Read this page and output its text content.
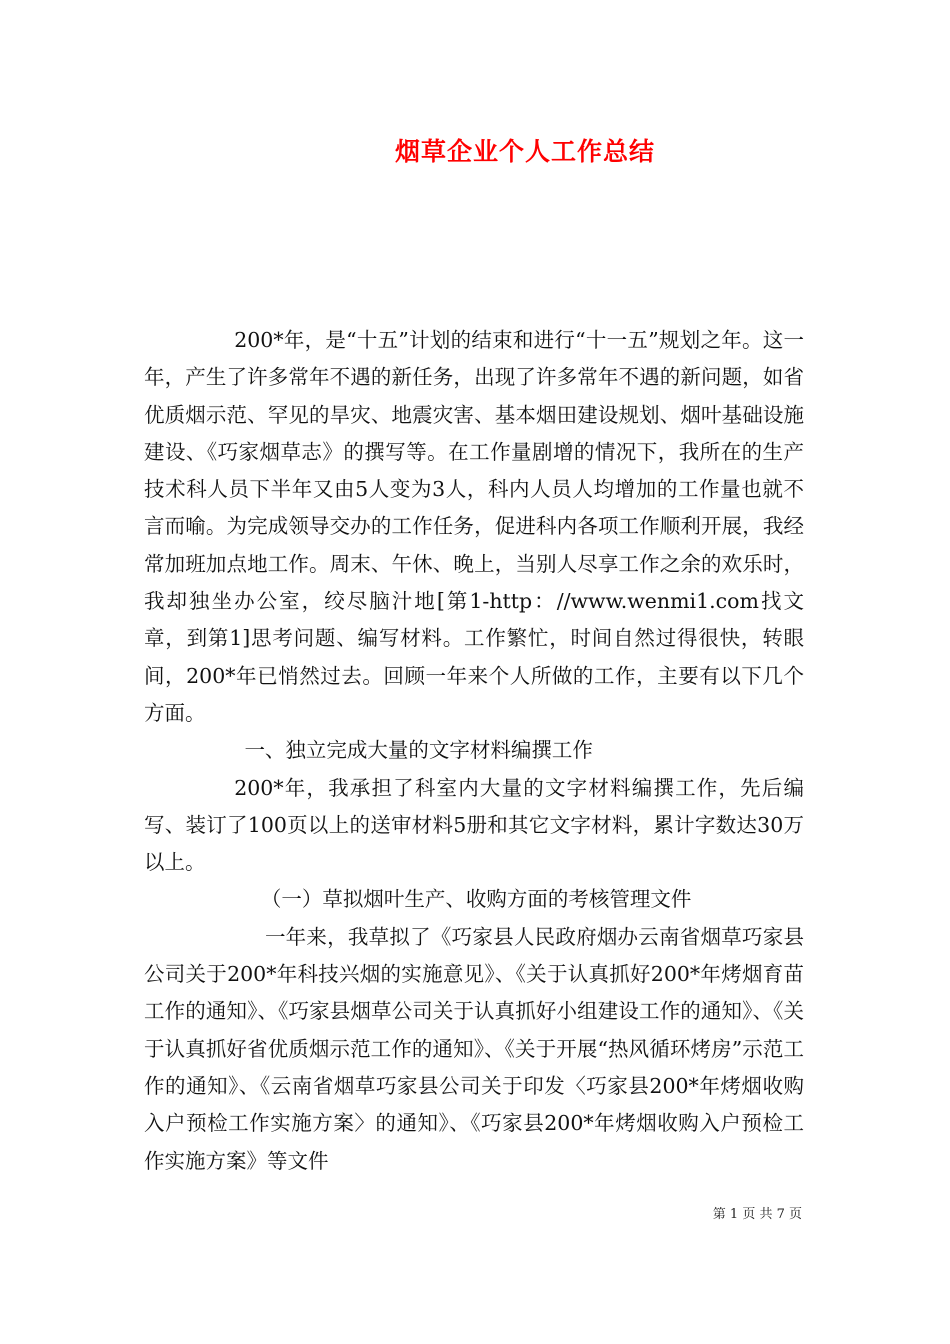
烟草企业个人工作总结

200*年，是“十五”计划的结束和进行“十一五”规划之年。这一年，产生了许多常年不遇的新任务，出现了许多常年不遇的新问题，如省优质烟示范、罕见的旱灾、地震灾害、基本烟田建设规划、烟叶基础设施建设、《巧家烟草志》的撰写等。在工作量剧增的情况下，我所在的生产技术科人员下半年又由5人变为3人，科内人员人均增加的工作量也就不言而喻。为完成领导交办的工作任务，促进科内各项工作顺利开展，我经常加班加点地工作。周末、午休、晚上，当别人尽享工作之余的欢乐时，我却独坐办公室，绞尽脑汁地[第1-http：//www.wenmi1.com找文章，到第1]思考问题、编写材料。工作繁忙，时间自然过得很快，转眼间，200*年已悄然过去。回顾一年来个人所做的工作，主要有以下几个方面。

一、独立完成大量的文字材料编撰工作

200*年，我承担了科室内大量的文字材料编撰工作，先后编写、装订了100页以上的送审材料5册和其它文字材料，累计字数达30万以上。

（一）草拟烟叶生产、收购方面的考核管理文件

一年来，我草拟了《巧家县人民政府烟办云南省烟草巧家县公司关于200*年科技兴烟的实施意见》、《关于认真抓好200*年烤烟育苗工作的通知》、《巧家县烟草公司关于认真抓好小组建设工作的通知》、《关于认真抓好省优质烟示范工作的通知》、《关于开展“热风循环烤房”示范工作的通知》、《云南省烟草巧家县公司关于印发〈巧家县200*年烤烟收购入户预检工作实施方案〉的通知》、《巧家县200*年烤烟收购入户预检工作实施方案》等文件

第 1 页 共 7 页
